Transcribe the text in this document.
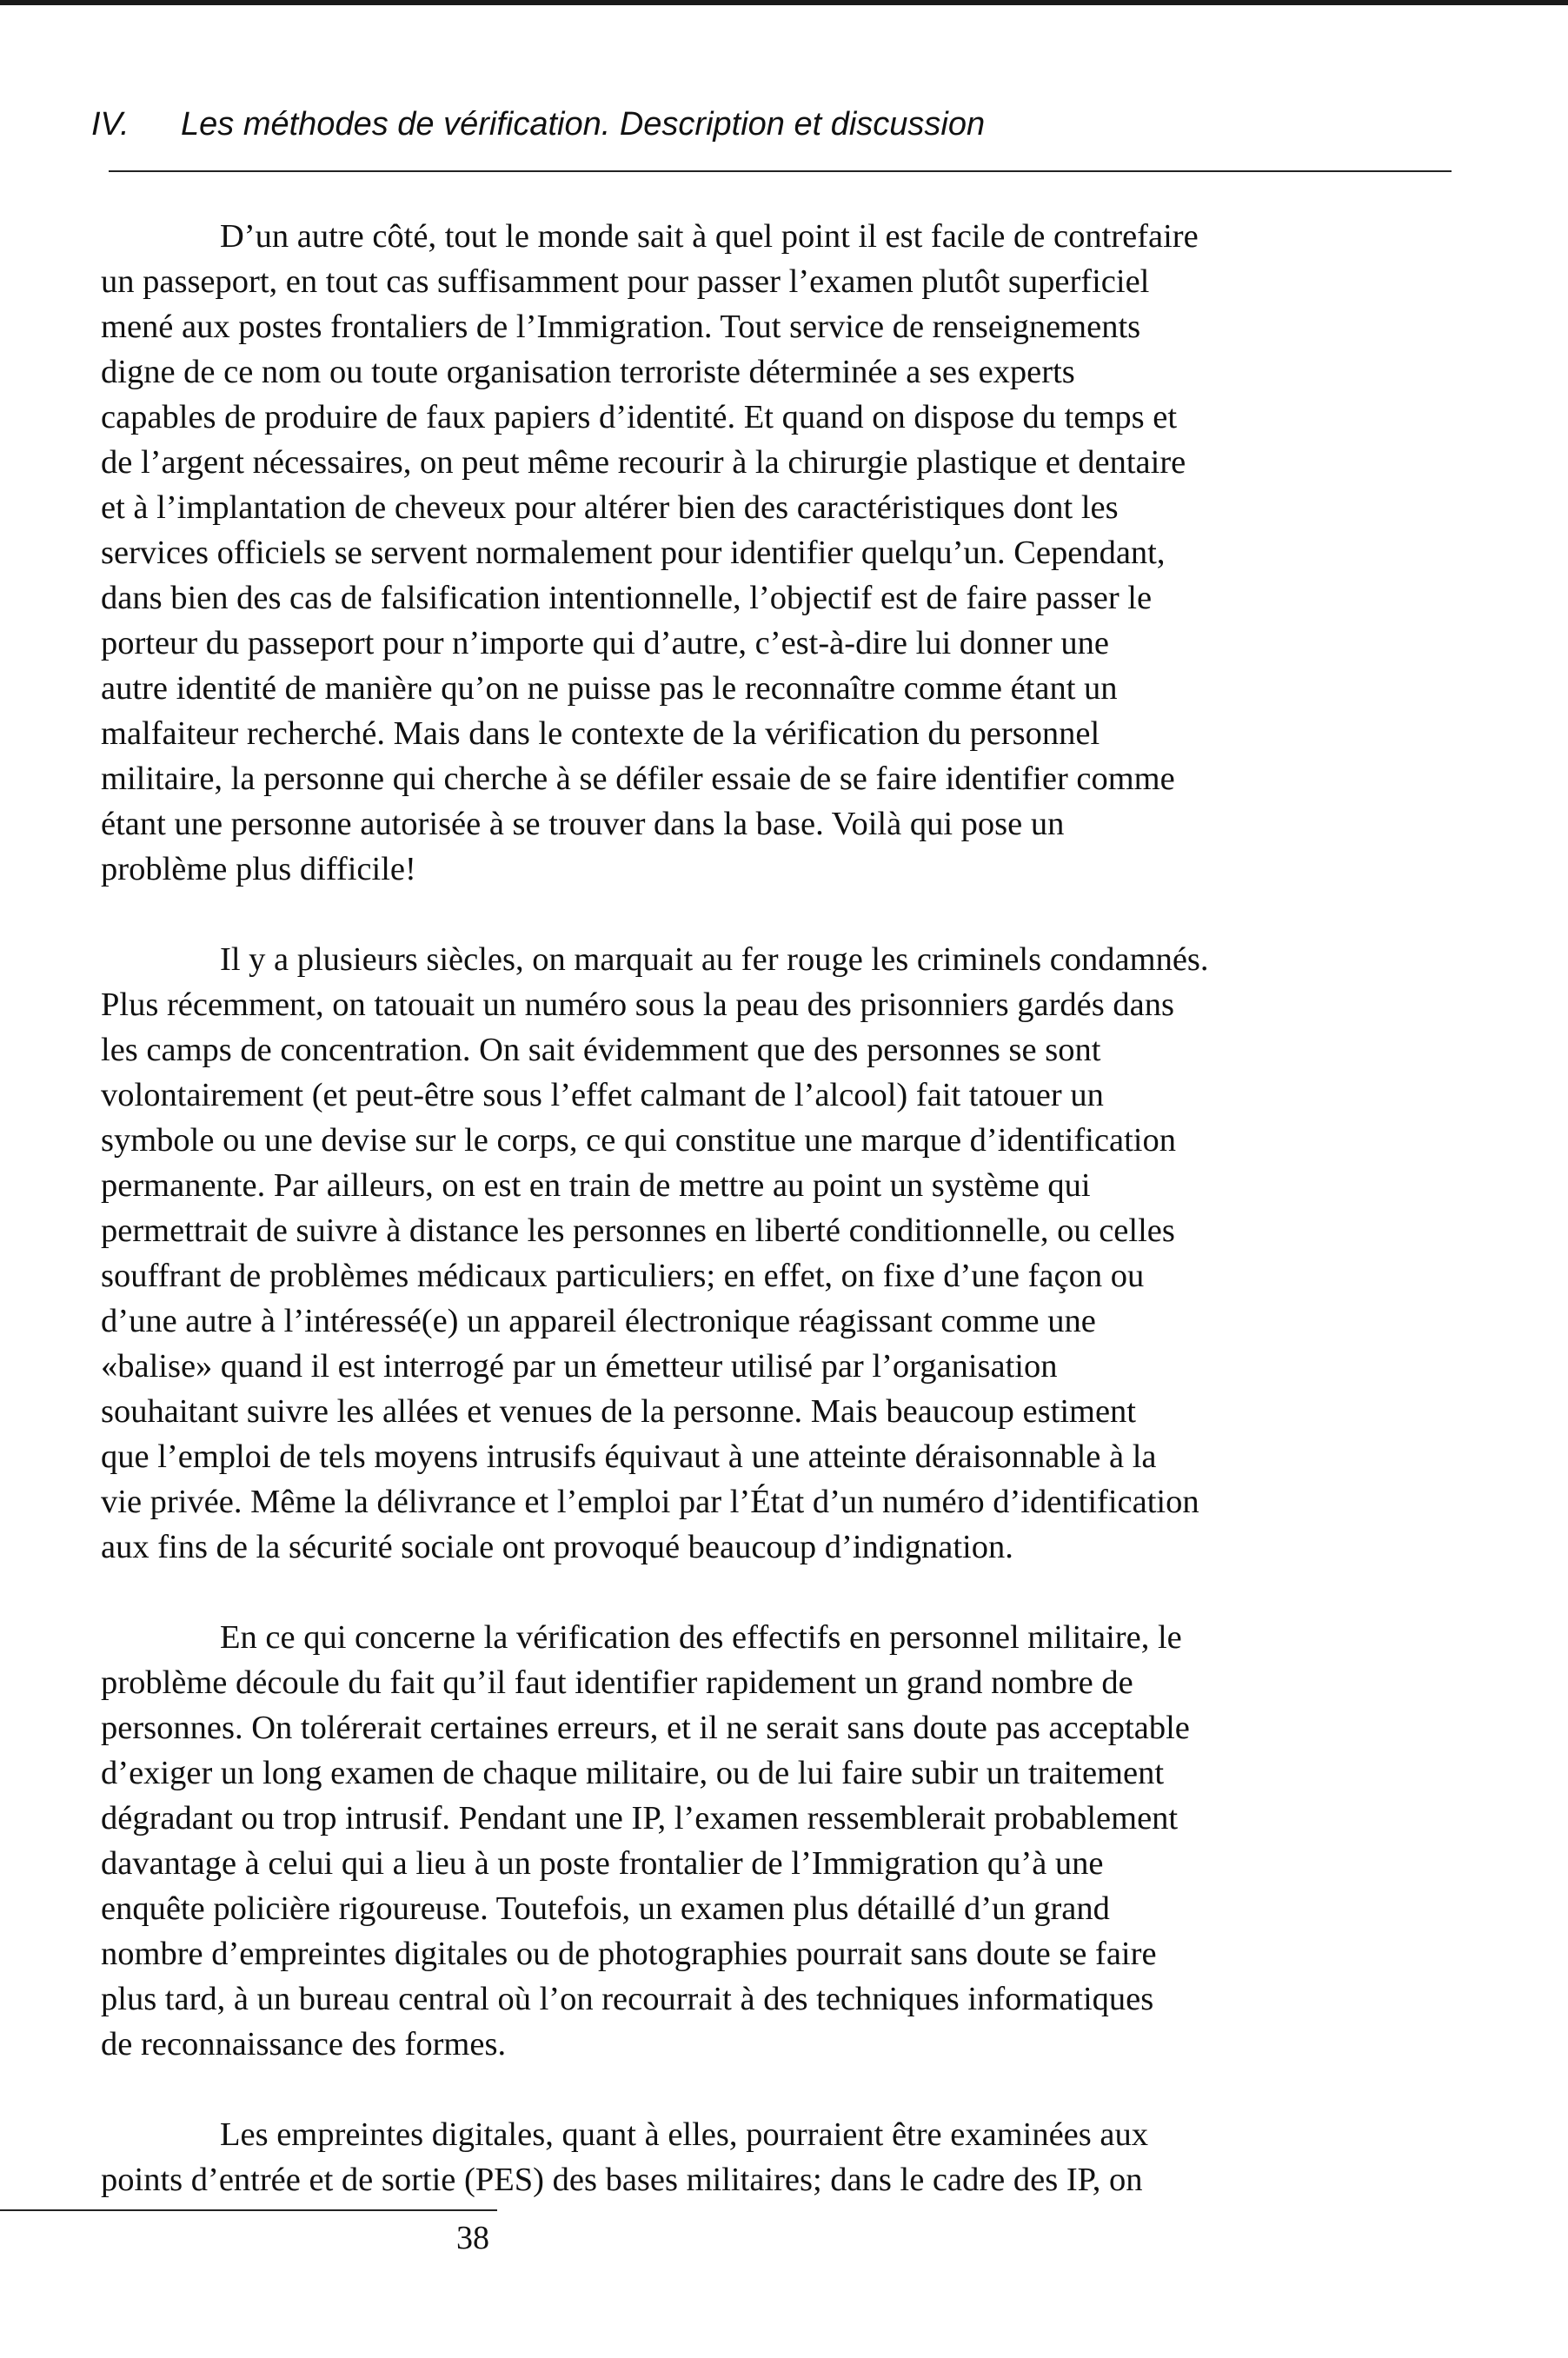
IV. Les méthodes de vérification. Description et discussion
D’un autre côté, tout le monde sait à quel point il est facile de contrefaire
un passeport, en tout cas suffisamment pour passer l’examen plutôt superficiel
mené aux postes frontaliers de l’Immigration. Tout service de renseignements
digne de ce nom ou toute organisation terroriste déterminée a ses experts
capables de produire de faux papiers d’identité. Et quand on dispose du temps et
de l’argent nécessaires, on peut même recourir à la chirurgie plastique et dentaire
et à l’implantation de cheveux pour altérer bien des caractéristiques dont les
services officiels se servent normalement pour identifier quelqu’un. Cependant,
dans bien des cas de falsification intentionnelle, l’objectif est de faire passer le
porteur du passeport pour n’importe qui d’autre, c’est-à-dire lui donner une
autre identité de manière qu’on ne puisse pas le reconnaître comme étant un
malfaiteur recherché. Mais dans le contexte de la vérification du personnel
militaire, la personne qui cherche à se défiler essaie de se faire identifier comme
étant une personne autorisée à se trouver dans la base. Voilà qui pose un
problème plus difficile!
Il y a plusieurs siècles, on marquait au fer rouge les criminels condamnés.
Plus récemment, on tatouait un numéro sous la peau des prisonniers gardés dans
les camps de concentration. On sait évidemment que des personnes se sont
volontairement (et peut-être sous l’effet calmant de l’alcool) fait tatouer un
symbole ou une devise sur le corps, ce qui constitue une marque d’identification
permanente. Par ailleurs, on est en train de mettre au point un système qui
permettrait de suivre à distance les personnes en liberté conditionnelle, ou celles
souffrant de problèmes médicaux particuliers; en effet, on fixe d’une façon ou
d’une autre à l’intéressé(e) un appareil électronique réagissant comme une
«balise» quand il est interrogé par un émetteur utilisé par l’organisation
souhaitant suivre les allées et venues de la personne. Mais beaucoup estiment
que l’emploi de tels moyens intrusifs équivaut à une atteinte déraisonnable à la
vie privée. Même la délivrance et l’emploi par l’État d’un numéro d’identification
aux fins de la sécurité sociale ont provoqué beaucoup d’indignation.
En ce qui concerne la vérification des effectifs en personnel militaire, le
problème découle du fait qu’il faut identifier rapidement un grand nombre de
personnes. On tolérerait certaines erreurs, et il ne serait sans doute pas acceptable
d’exiger un long examen de chaque militaire, ou de lui faire subir un traitement
dégradant ou trop intrusif. Pendant une IP, l’examen ressemblerait probablement
davantage à celui qui a lieu à un poste frontalier de l’Immigration qu’à une
enquête policière rigoureuse. Toutefois, un examen plus détaillé d’un grand
nombre d’empreintes digitales ou de photographies pourrait sans doute se faire
plus tard, à un bureau central où l’on recourrait à des techniques informatiques
de reconnaissance des formes.
Les empreintes digitales, quant à elles, pourraient être examinées aux
points d’entrée et de sortie (PES) des bases militaires; dans le cadre des IP, on
38
